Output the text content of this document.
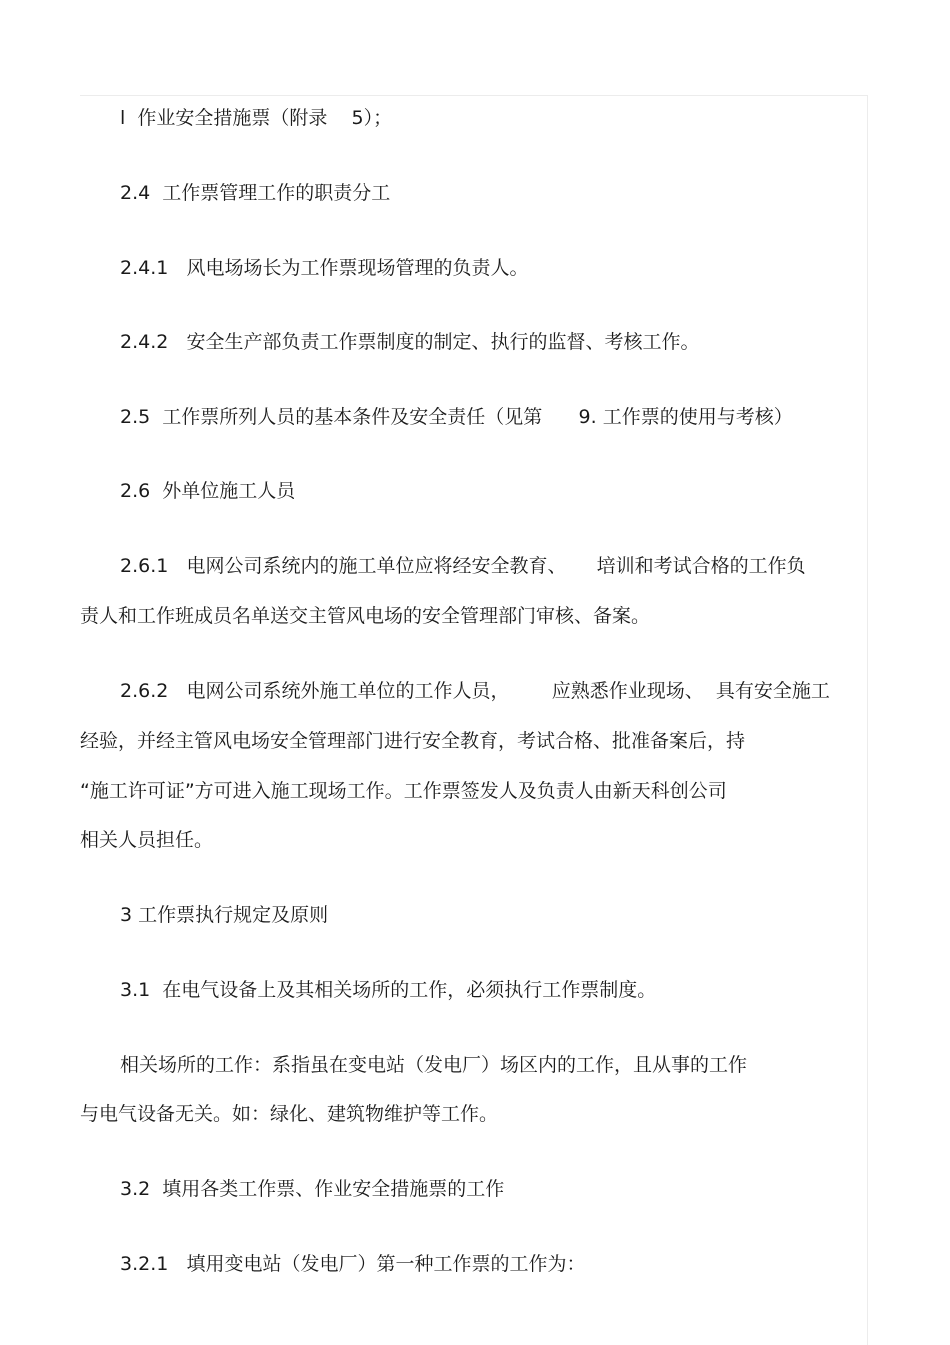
l  作业安全措施票（附录    5）；

2.4  工作票管理工作的职责分工

2.4.1   风电场场长为工作票现场管理的负责人。

2.4.2   安全生产部负责工作票制度的制定、执行的监督、考核工作。

2.5  工作票所列人员的基本条件及安全责任（见第      9. 工作票的使用与考核）

2.6  外单位施工人员

2.6.1   电网公司系统内的施工单位应将经安全教育、     培训和考试合格的工作负

责人和工作班成员名单送交主管风电场的安全管理部门审核、备案。

2.6.2   电网公司系统外施工单位的工作人员，       应熟悉作业现场、  具有安全施工

经验，并经主管风电场安全管理部门进行安全教育，考试合格、批准备案后，持

“施工许可证”方可进入施工现场工作。工作票签发人及负责人由新天科创公司

相关人员担任。

3 工作票执行规定及原则

3.1  在电气设备上及其相关场所的工作，必须执行工作票制度。

相关场所的工作：系指虽在变电站（发电厂）场区内的工作，且从事的工作

与电气设备无关。如：绿化、建筑物维护等工作。

3.2  填用各类工作票、作业安全措施票的工作

3.2.1   填用变电站（发电厂）第一种工作票的工作为：
